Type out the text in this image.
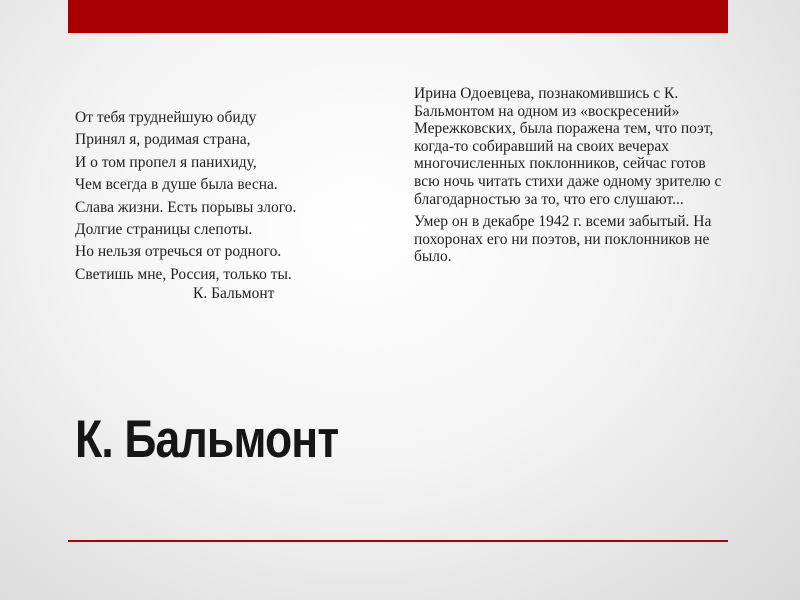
От тебя труднейшую обиду
Принял я, родимая страна,
И о том пропел я панихиду,
Чем всегда в душе была весна.
Слава жизни. Есть порывы злого.
Долгие страницы слепоты.
Но нельзя отречься от родного.
Светишь мне, Россия, только ты.
К. Бальмонт

Ирина Одоевцева, познакомившись с К. Бальмонтом на одном из «воскресений» Мережковских, была поражена тем, что поэт, когда-то собиравший на своих вечерах многочисленных поклонников, сейчас готов всю ночь читать стихи даже одному зрителю с благодарностью за то, что его слушают...

Умер он в декабре 1942 г. всеми забытый. На похоронах его ни поэтов, ни поклонников не было.

К. Бальмонт
